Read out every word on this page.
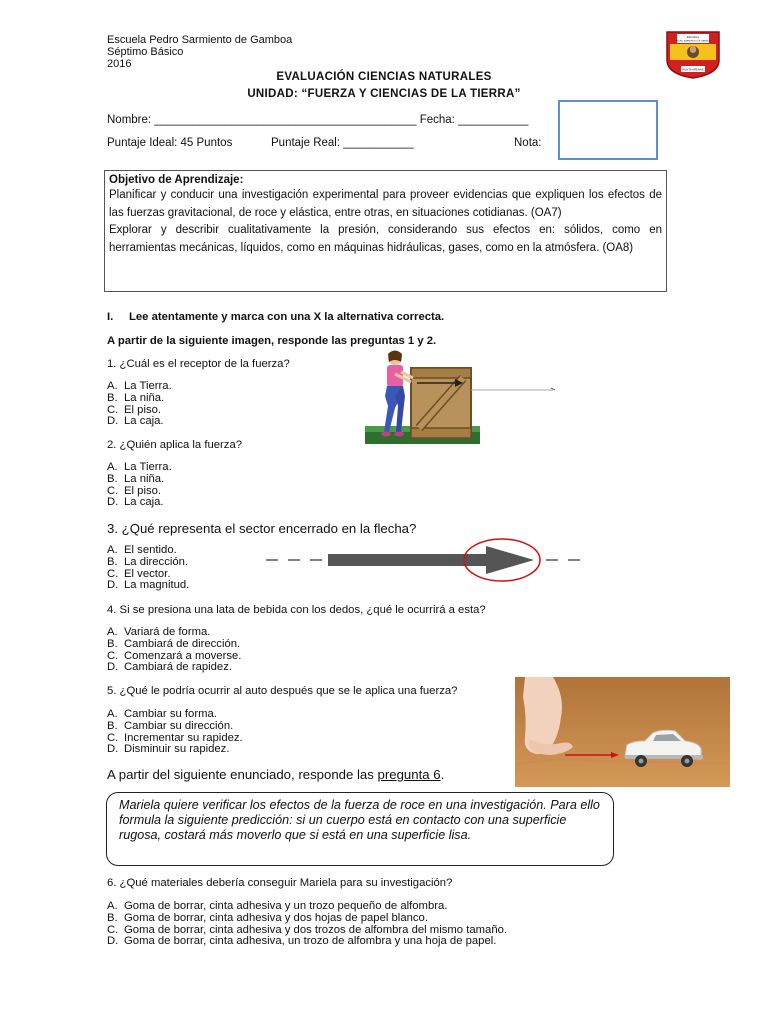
Escuela Pedro Sarmiento de Gamboa
Séptimo Básico
2016
ESCUELA
PEDRO SARMIENTO DE GAMBOA
PUNTA ARENAS
EVALUACIÓN CIENCIAS NATURALES
UNIDAD: “FUERZA Y CIENCIAS DE LA TIERRA”
Nombre: _________________________________________ Fecha: ___________
Puntaje Ideal: 45 Puntos	Puntaje Real: ___________	Nota:
Objetivo de Aprendizaje:

Planificar y conducir una investigación experimental para proveer evidencias que expliquen los efectos de las fuerzas gravitacional, de roce y elástica, entre otras, en situaciones cotidianas. (OA7)

Explorar y describir cualitativamente la presión, considerando sus efectos en: sólidos, como en herramientas mecánicas, líquidos, como en máquinas hidráulicas, gases, como en la atmósfera. (OA8)

I. Lee atentamente y marca con una X la alternativa correcta.
A partir de la siguiente imagen, responde las preguntas 1 y 2.
1. ¿Cuál es el receptor de la fuerza?
A. La Tierra.
B. La niña.
C. El piso.
D. La caja.
2. ¿Quién aplica la fuerza?
A. La Tierra.
B. La niña.
C. El piso.
D. La caja.
3. ¿Qué representa el sector encerrado en la flecha?
A. El sentido.
B. La dirección.
C. El vector.
D. La magnitud.
4. Si se presiona una lata de bebida con los dedos, ¿qué le ocurrirá a esta?
A. Variará de forma.
B. Cambiará de dirección.
C. Comenzará a moverse.
D. Cambiará de rapidez.
5. ¿Qué le podría ocurrir al auto después que se le aplica una fuerza?
A. Cambiar su forma.
B. Cambiar su dirección.
C. Incrementar su rapidez.
D. Disminuir su rapidez.
A partir del siguiente enunciado, responde las pregunta 6.
Mariela quiere verificar los efectos de la fuerza de roce en una investigación. Para ello formula la siguiente predicción: si un cuerpo está en contacto con una superficie rugosa, costará más moverlo que si está en una superficie lisa.
6. ¿Qué materiales debería conseguir Mariela para su investigación?
A. Goma de borrar, cinta adhesiva y un trozo pequeño de alfombra.
B. Goma de borrar, cinta adhesiva y dos hojas de papel blanco.
C. Goma de borrar, cinta adhesiva y dos trozos de alfombra del mismo tamaño.
D. Goma de borrar, cinta adhesiva, un trozo de alfombra y una hoja de papel.
